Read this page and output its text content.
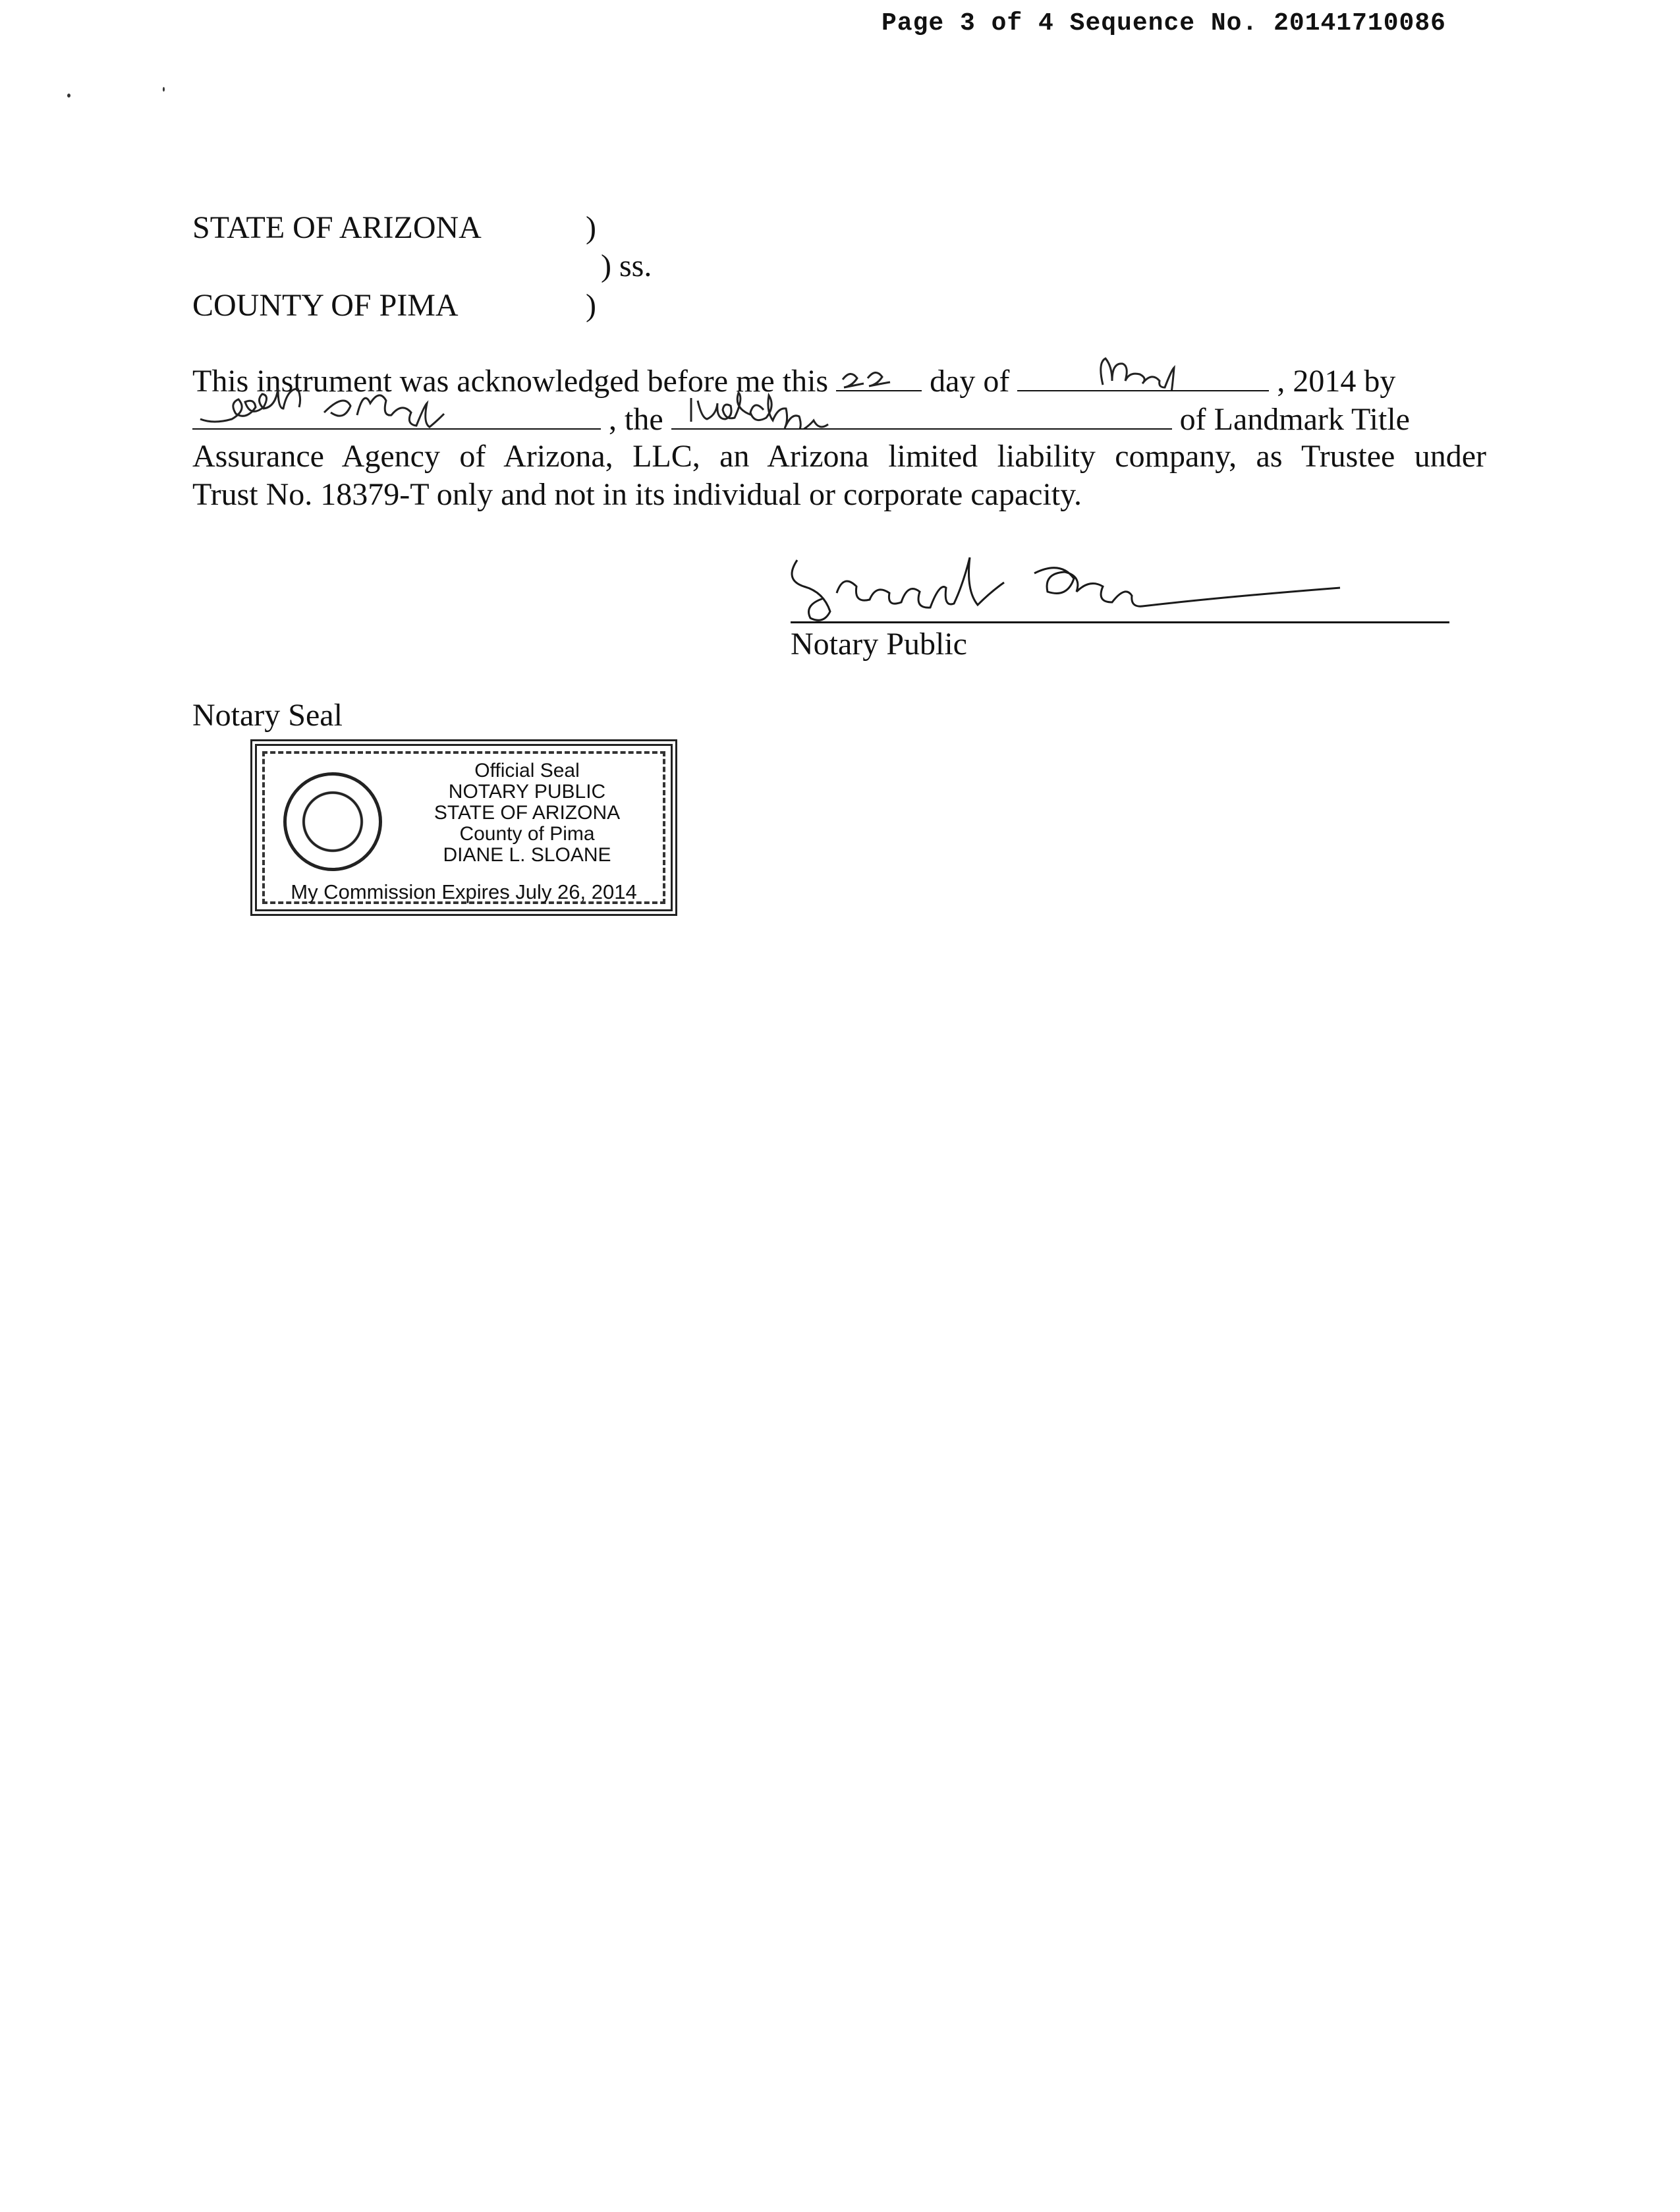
Page 3 of 4 Sequence No. 20141710086
STATE OF ARIZONA	)
) ss.
COUNTY OF PIMA	)
This instrument was acknowledged before me this	day of	, 2014 by
, the	of Landmark Title
Assurance Agency of Arizona, LLC, an Arizona limited liability company, as Trustee under
Trust No. 18379-T only and not in its individual or corporate capacity.
Notary Public
Notary Seal
Official Seal
NOTARY PUBLIC
STATE OF ARIZONA
County of Pima
DIANE L. SLOANE
My Commission Expires July 26, 2014
